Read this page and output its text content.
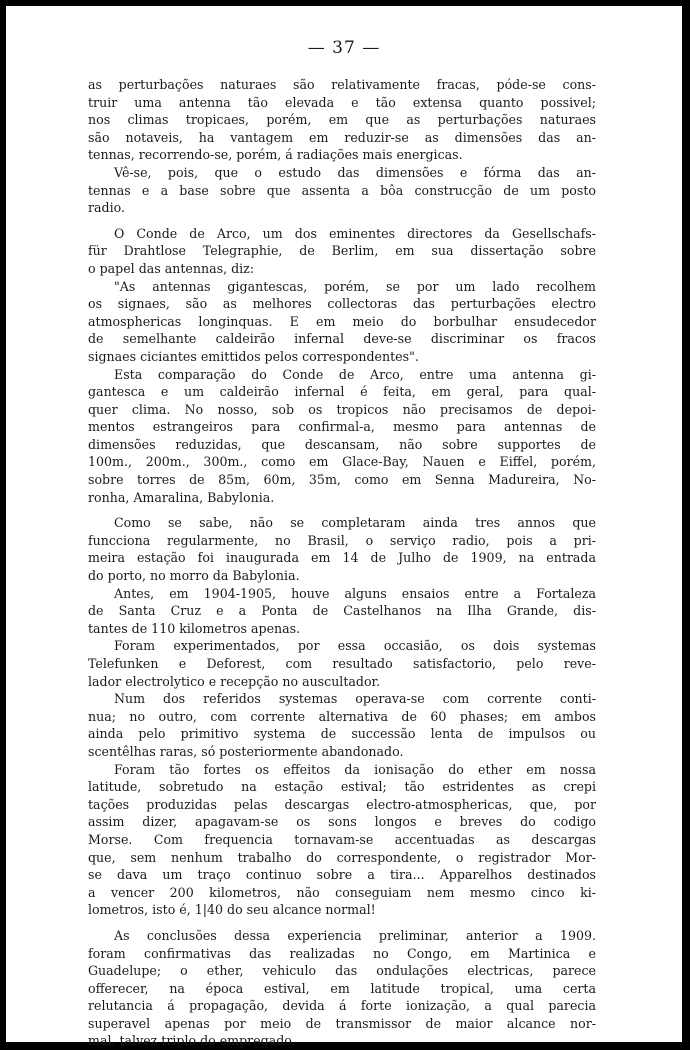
— 37 —
as perturbações naturaes são relativamente fracas, póde-se cons-
truir uma antenna tão elevada e tão extensa quanto possivel;
nos climas tropicaes, porém, em que as perturbações naturaes
são notaveis, ha vantagem em reduzir-se as dimensões das an-
tennas, recorrendo-se, porém, á radiações mais energicas.
Vê-se, pois, que o estudo das dimensões e fórma das an-
tennas e a base sobre que assenta a bôa construcção de um posto
radio.
O Conde de Arco, um dos eminentes directores da Gesellschafs-
für Drahtlose Telegraphie, de Berlim, em sua dissertação sobre
o papel das antennas, diz:
"As antennas gigantescas, porém, se por um lado recolhem
os signaes, são as melhores collectoras das perturbações electro
atmosphericas longinquas. E em meio do borbulhar ensudecedor
de semelhante caldeirão infernal deve-se discriminar os fracos
signaes ciciantes emittidos pelos correspondentes".
Esta comparação do Conde de Arco, entre uma antenna gi-
gantesca e um caldeirão infernal é feita, em geral, para qual-
quer clima. No nosso, sob os tropicos não precisamos de depoi-
mentos estrangeiros para confirmal-a, mesmo para antennas de
dimensões reduzidas, que descansam, não sobre supportes de
100m., 200m., 300m., como em Glace-Bay, Nauen e Eiffel, porém,
sobre torres de 85m, 60m, 35m, como em Senna Madureira, No-
ronha, Amaralina, Babylonia.
Como se sabe, não se completaram ainda tres annos que
funcciona regularmente, no Brasil, o serviço radio, pois a pri-
meira estação foi inaugurada em 14 de Julho de 1909, na entrada
do porto, no morro da Babylonia.
Antes, em 1904-1905, houve alguns ensaios entre a Fortaleza
de Santa Cruz e a Ponta de Castelhanos na Ilha Grande, dis-
tantes de 110 kilometros apenas.
Foram experimentados, por essa occasião, os dois systemas
Telefunken e Deforest, com resultado satisfactorio, pelo reve-
lador electrolytico e recepção no auscultador.
Num dos referidos systemas operava-se com corrente conti-
nua; no outro, com corrente alternativa de 60 phases; em ambos
ainda pelo primitivo systema de successão lenta de impulsos ou
scentêlhas raras, só posteriormente abandonado.
Foram tão fortes os effeitos da ionisação do ether em nossa
latitude, sobretudo na estação estival; tão estridentes as crepi
tações produzidas pelas descargas electro-atmosphericas, que, por
assim dizer, apagavam-se os sons longos e breves do codigo
Morse. Com frequencia tornavam-se accentuadas as descargas
que, sem nenhum trabalho do correspondente, o registrador Mor-
se dava um traço continuo sobre a tira... Apparelhos destinados
a vencer 200 kilometros, não conseguiam nem mesmo cinco ki-
lometros, isto é, 1|40 do seu alcance normal!
As conclusões dessa experiencia preliminar, anterior a 1909.
foram confirmativas das realizadas no Congo, em Martinica e
Guadelupe; o ether, vehiculo das ondulações electricas, parece
offerecer, na época estival, em latitude tropical, uma certa
relutancia á propagação, devida á forte ionização, a qual parecia
superavel apenas por meio de transmissor de maior alcance nor-
mal, talvez triplo do empregado.
